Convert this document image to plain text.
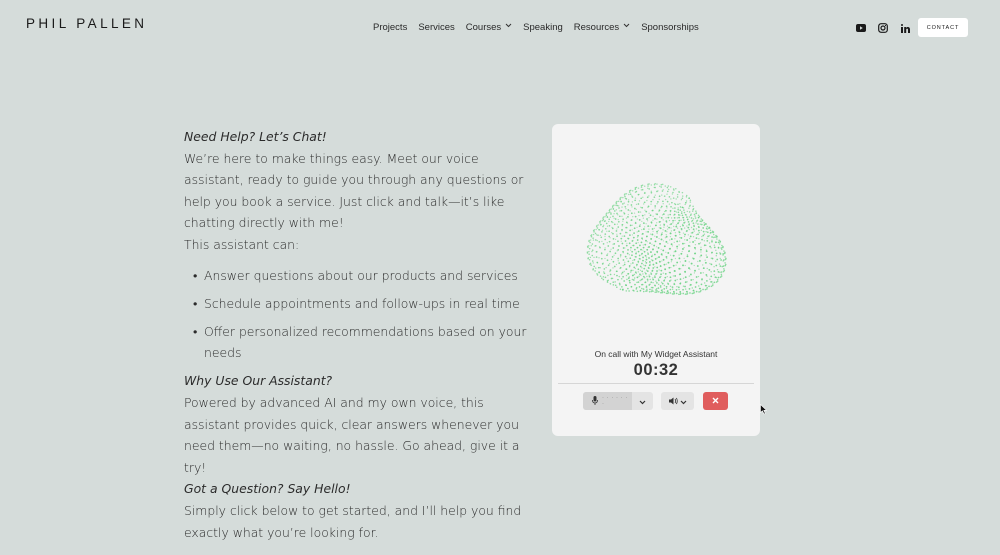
PHIL PALLEN	Projects Services Courses Speaking Resources Sponsorships	CONTACT

Need Help? Let’s Chat!

We’re here to make things easy. Meet our voice assistant, ready to guide you through any questions or help you book a service. Just click and talk—it’s like chatting directly with me!

This assistant can:

• Answer questions about our products and services
• Schedule appointments and follow-ups in real time
• Offer personalized recommendations based on your needs

Why Use Our Assistant?

Powered by advanced AI and my own voice, this assistant provides quick, clear answers whenever you need them—no waiting, no hassle. Go ahead, give it a try!

Got a Question? Say Hello!

Simply click below to get started, and I’ll help you find exactly what you’re looking for.

On call with My Widget Assistant
00:32
· · · · · · ·
